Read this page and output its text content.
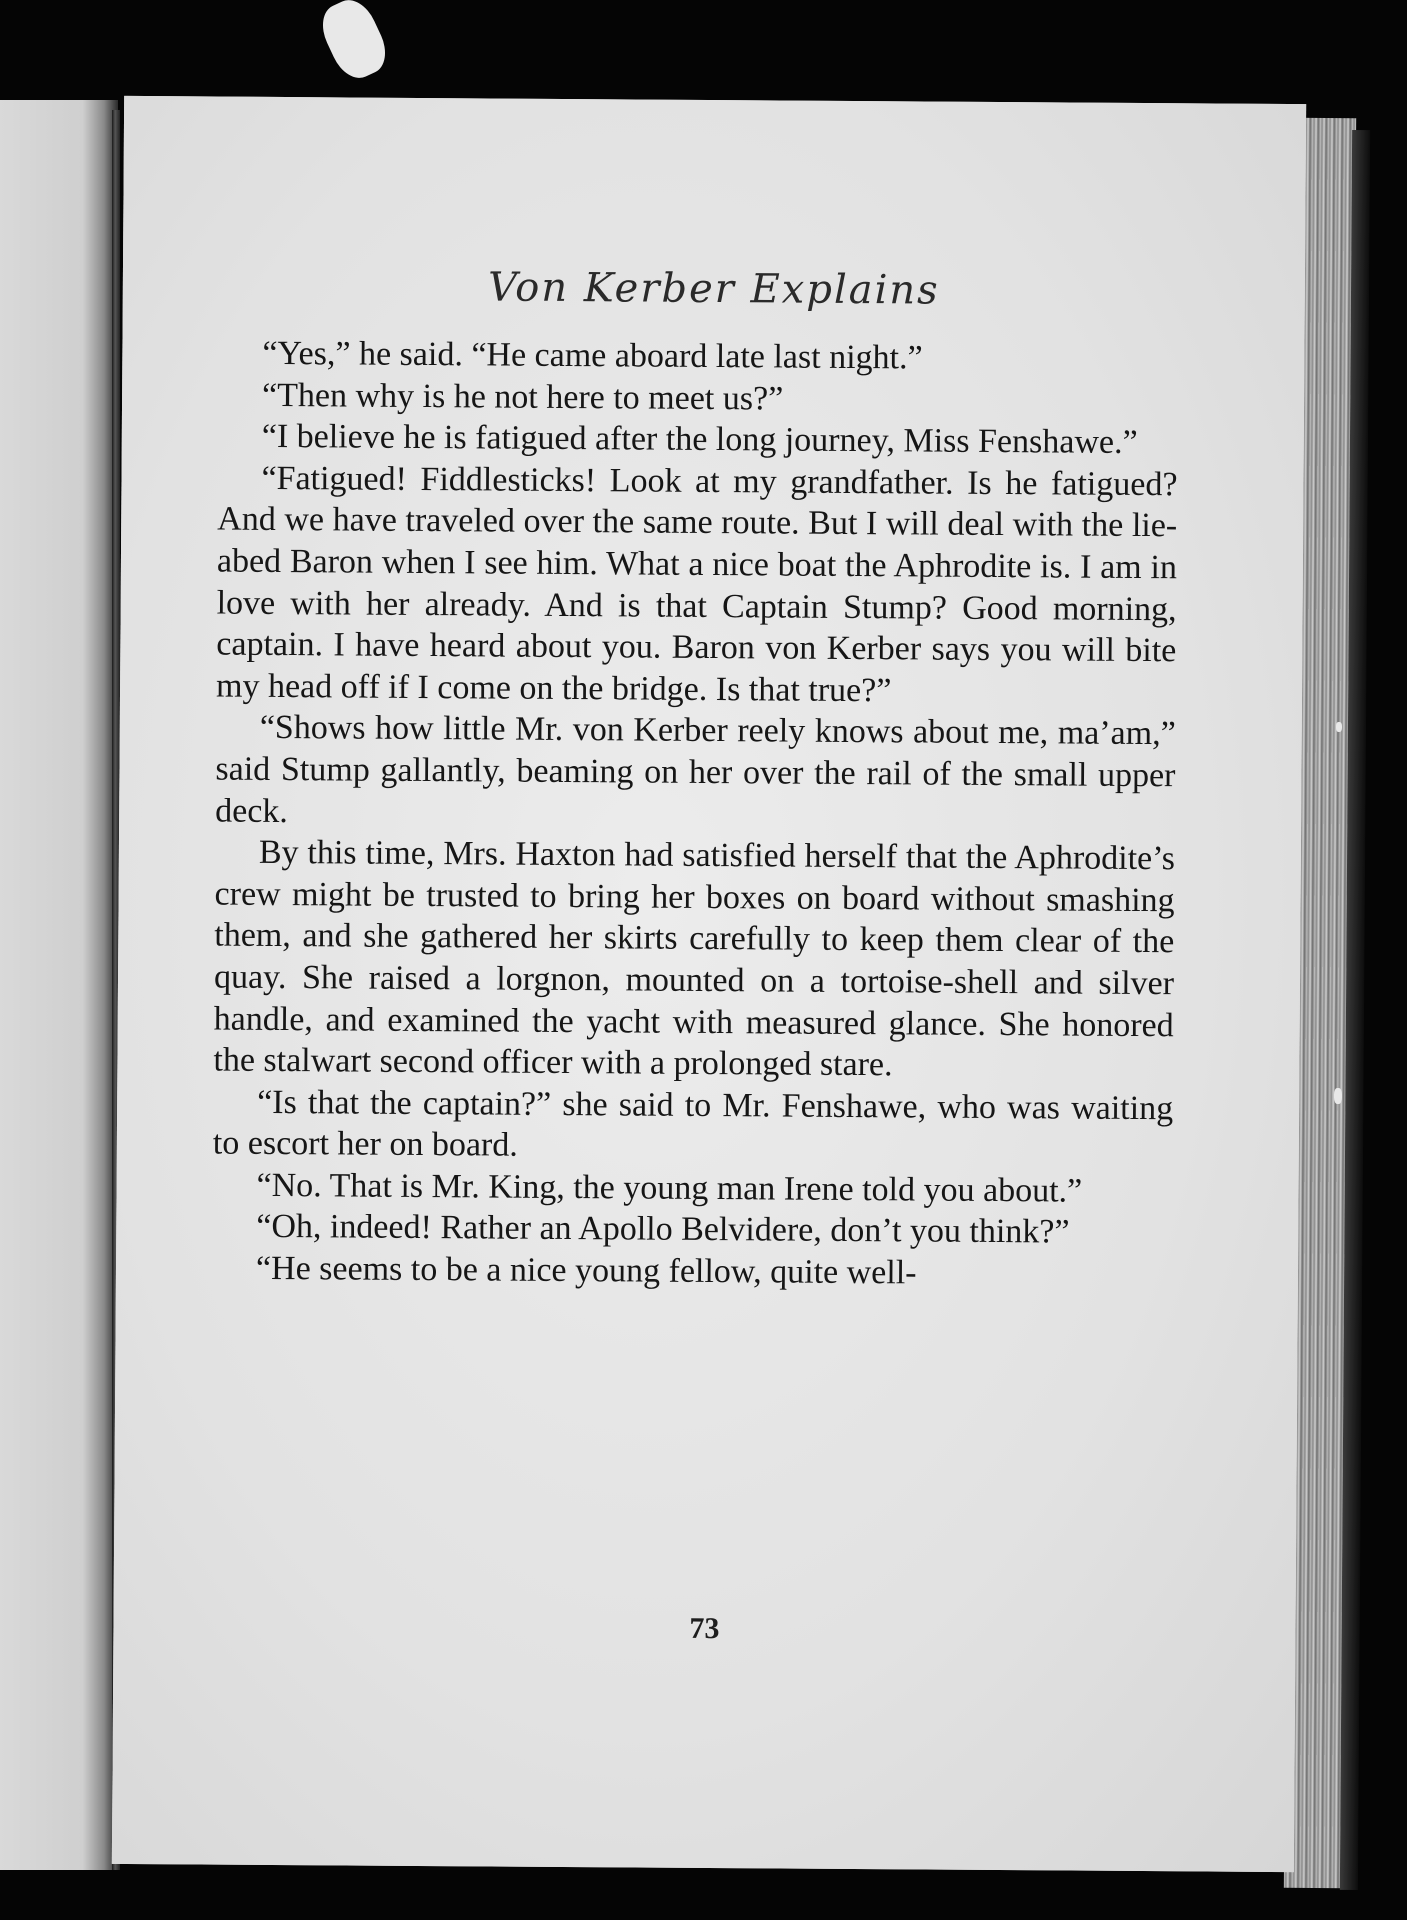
Von Kerber Explains

“Yes,” he said. “He came aboard late last night.”

“Then why is he not here to meet us?”

“I believe he is fatigued after the long journey, Miss Fenshawe.”

“Fatigued! Fiddlesticks! Look at my grandfather. Is he fatigued? And we have traveled over the same route. But I will deal with the lie-abed Baron when I see him. What a nice boat the Aphrodite is. I am in love with her already. And is that Captain Stump? Good morning, captain. I have heard about you. Baron von Kerber says you will bite my head off if I come on the bridge. Is that true?”

“Shows how little Mr. von Kerber reely knows about me, ma’am,” said Stump gallantly, beaming on her over the rail of the small upper deck.

By this time, Mrs. Haxton had satisfied herself that the Aphrodite’s crew might be trusted to bring her boxes on board without smashing them, and she gathered her skirts carefully to keep them clear of the quay. She raised a lorgnon, mounted on a tortoise-shell and silver handle, and examined the yacht with measured glance. She honored the stalwart second officer with a prolonged stare.

“Is that the captain?” she said to Mr. Fenshawe, who was waiting to escort her on board.

“No. That is Mr. King, the young man Irene told you about.”

“Oh, indeed! Rather an Apollo Belvidere, don’t you think?”

“He seems to be a nice young fellow, quite well-

73
